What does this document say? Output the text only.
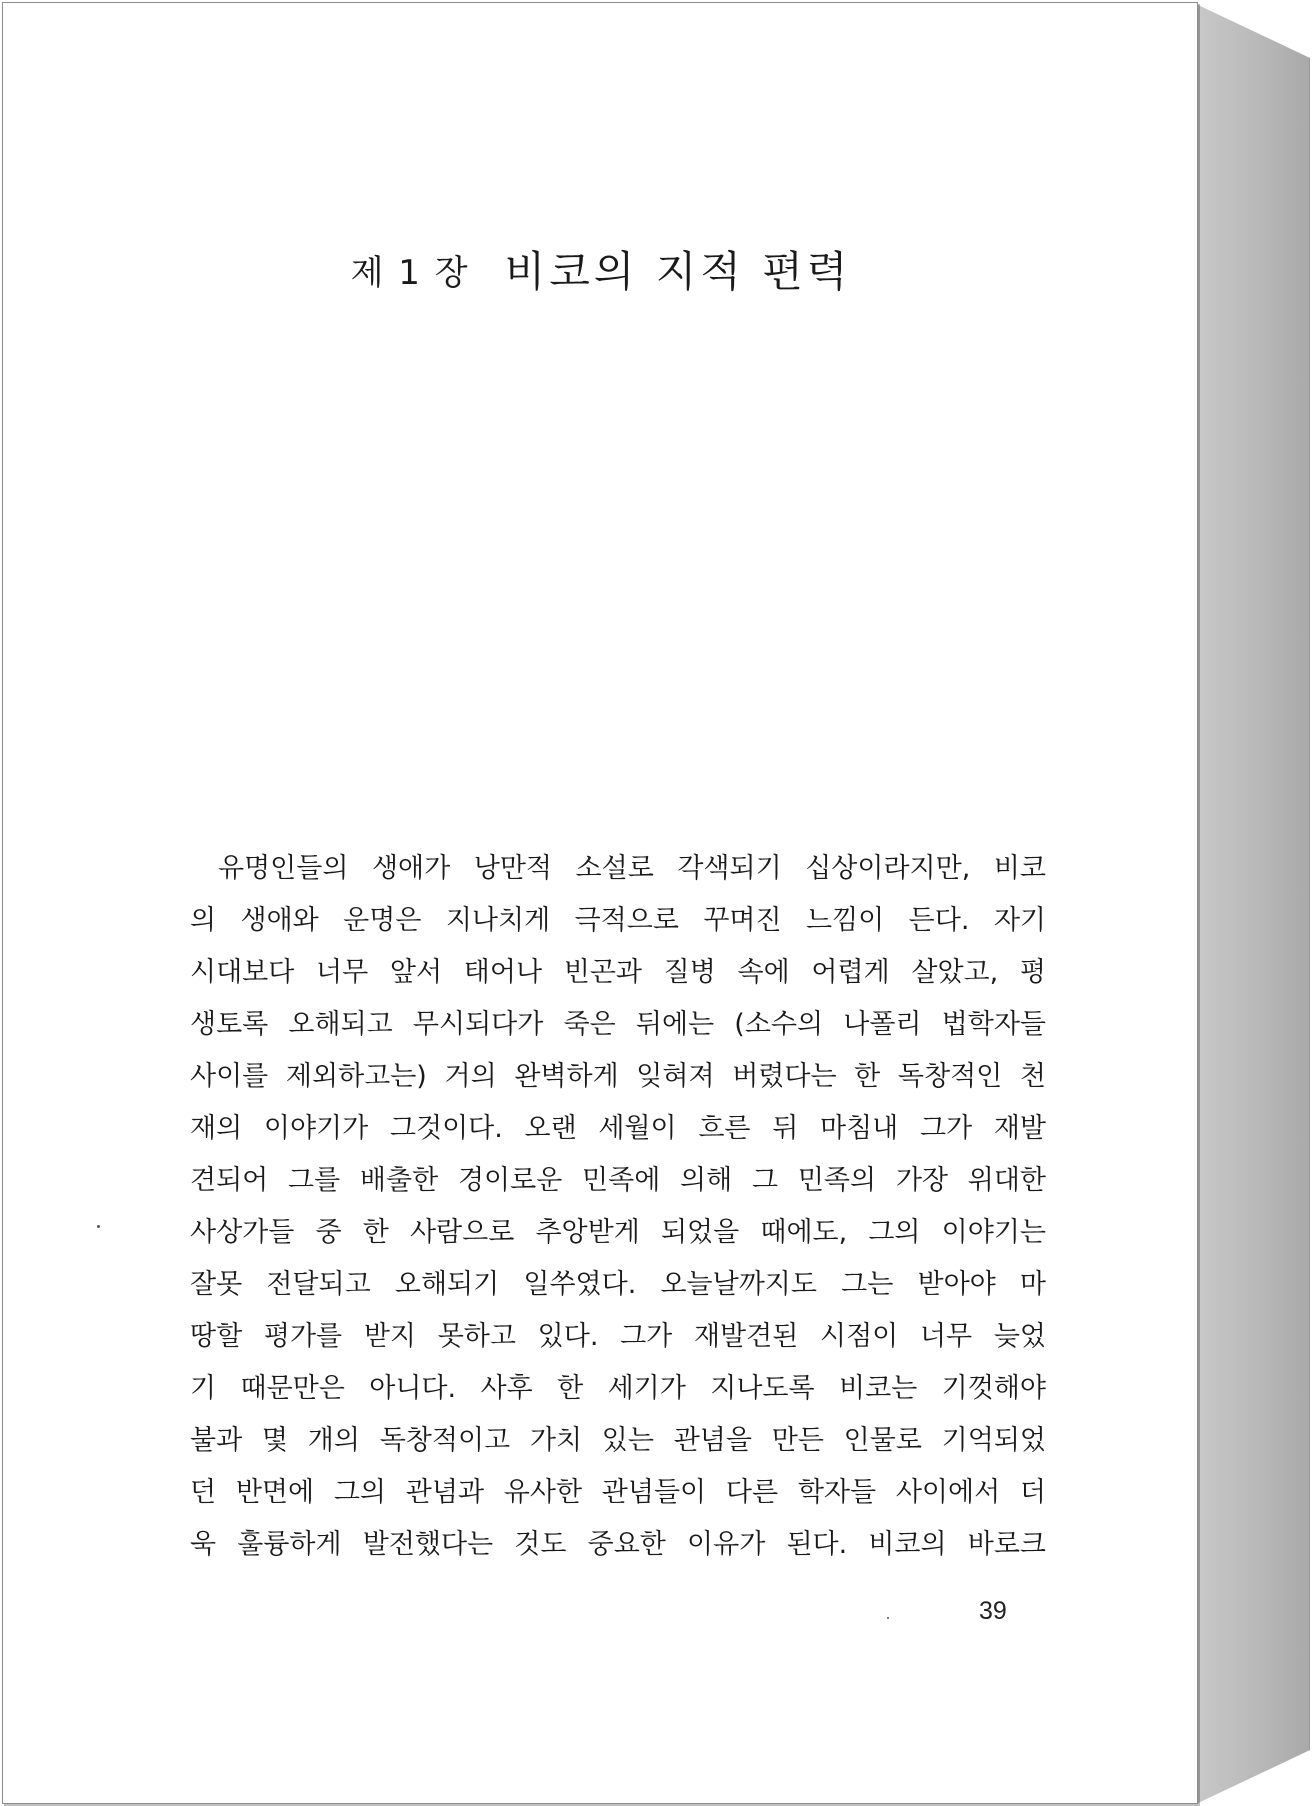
제 1 장 비코의 지적 편력
유명인들의 생애가 낭만적 소설로 각색되기 십상이라지만, 비코
의 생애와 운명은 지나치게 극적으로 꾸며진 느낌이 든다. 자기
시대보다 너무 앞서 태어나 빈곤과 질병 속에 어렵게 살았고, 평
생토록 오해되고 무시되다가 죽은 뒤에는 (소수의 나폴리 법학자들
사이를 제외하고는) 거의 완벽하게 잊혀져 버렸다는 한 독창적인 천
재의 이야기가 그것이다. 오랜 세월이 흐른 뒤 마침내 그가 재발
견되어 그를 배출한 경이로운 민족에 의해 그 민족의 가장 위대한
사상가들 중 한 사람으로 추앙받게 되었을 때에도, 그의 이야기는
잘못 전달되고 오해되기 일쑤였다. 오늘날까지도 그는 받아야 마
땅할 평가를 받지 못하고 있다. 그가 재발견된 시점이 너무 늦었
기 때문만은 아니다. 사후 한 세기가 지나도록 비코는 기껏해야
불과 몇 개의 독창적이고 가치 있는 관념을 만든 인물로 기억되었
던 반면에 그의 관념과 유사한 관념들이 다른 학자들 사이에서 더
욱 훌륭하게 발전했다는 것도 중요한 이유가 된다. 비코의 바로크
39
